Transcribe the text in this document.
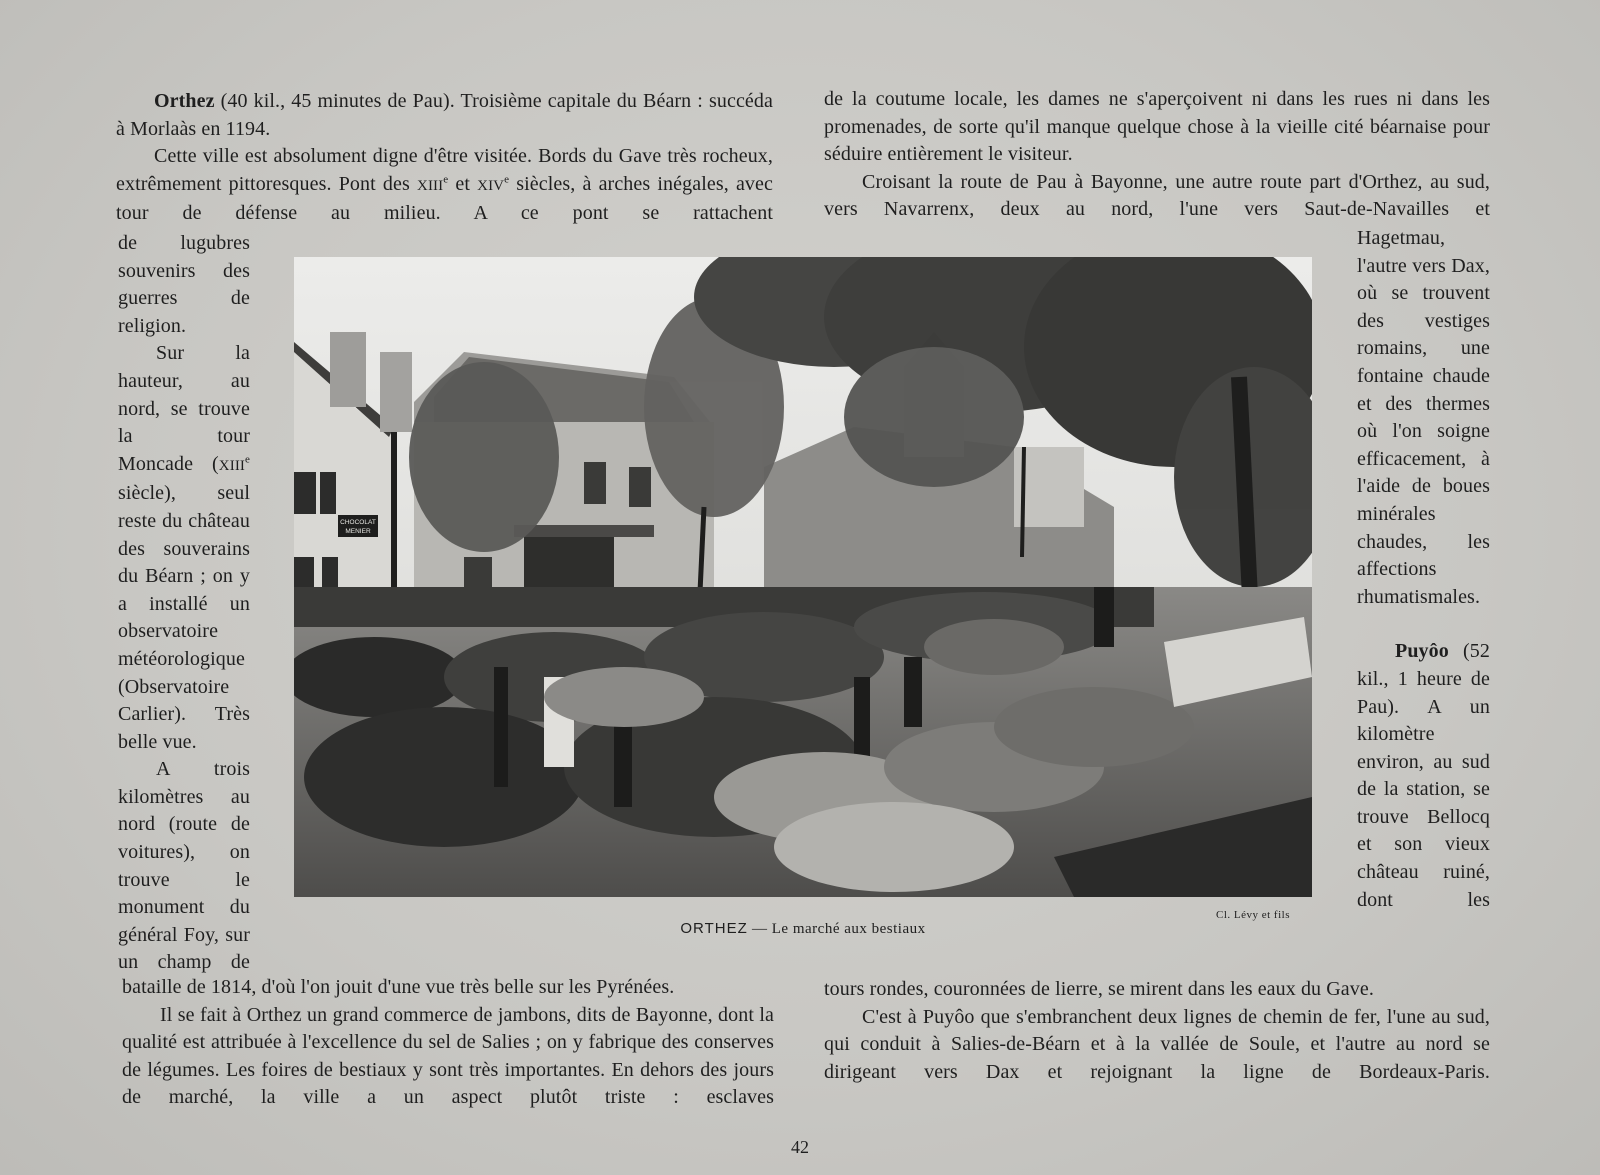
Orthez (40 kil., 45 minutes de Pau). Troisième capitale du Béarn : succéda à Morlaàs en 1194.

Cette ville est absolument digne d'être visitée. Bords du Gave très rocheux, extrêmement pittoresques. Pont des XIIIe et XIVe siècles, à arches inégales, avec tour de défense au milieu. A ce pont se rattachent

de lugubres souvenirs des guerres de religion.

Sur la hauteur, au nord, se trouve la tour Moncade (XIIIe siècle), seul reste du château des souverains du Béarn ; on y a installé un observatoire météorologique (Observatoire Carlier). Très belle vue.

A trois kilomètres au nord (route de voitures), on trouve le monument du général Foy, sur un champ de

bataille de 1814, d'où l'on jouit d'une vue très belle sur les Pyrénées.

Il se fait à Orthez un grand commerce de jambons, dits de Bayonne, dont la qualité est attribuée à l'excellence du sel de Salies ; on y fabrique des conserves de légumes. Les foires de bestiaux y sont très importantes. En dehors des jours de marché, la ville a un aspect plutôt triste : esclaves

de la coutume locale, les dames ne s'aperçoivent ni dans les rues ni dans les promenades, de sorte qu'il manque quelque chose à la vieille cité béarnaise pour séduire entièrement le visiteur.

Croisant la route de Pau à Bayonne, une autre route part d'Orthez, au sud, vers Navarrenx, deux au nord, l'une vers Saut-de-Navailles et

Hagetmau, l'autre vers Dax, où se trouvent des vestiges romains, une fontaine chaude et des thermes où l'on soigne efficacement, à l'aide de boues minérales chaudes, les affections rhumatismales.

Puyôo (52 kil., 1 heure de Pau). A un kilomètre environ, au sud de la station, se trouve Bellocq et son vieux château ruiné, dont les

tours rondes, couronnées de lierre, se mirent dans les eaux du Gave.

C'est à Puyôo que s'embranchent deux lignes de chemin de fer, l'une au sud, qui conduit à Salies-de-Béarn et à la vallée de Soule, et l'autre au nord se dirigeant vers Dax et rejoignant la ligne de Bordeaux-Paris.

CHOCOLAT
MENIER
Cl. Lévy et fils
ORTHEZ — Le marché aux bestiaux
42
